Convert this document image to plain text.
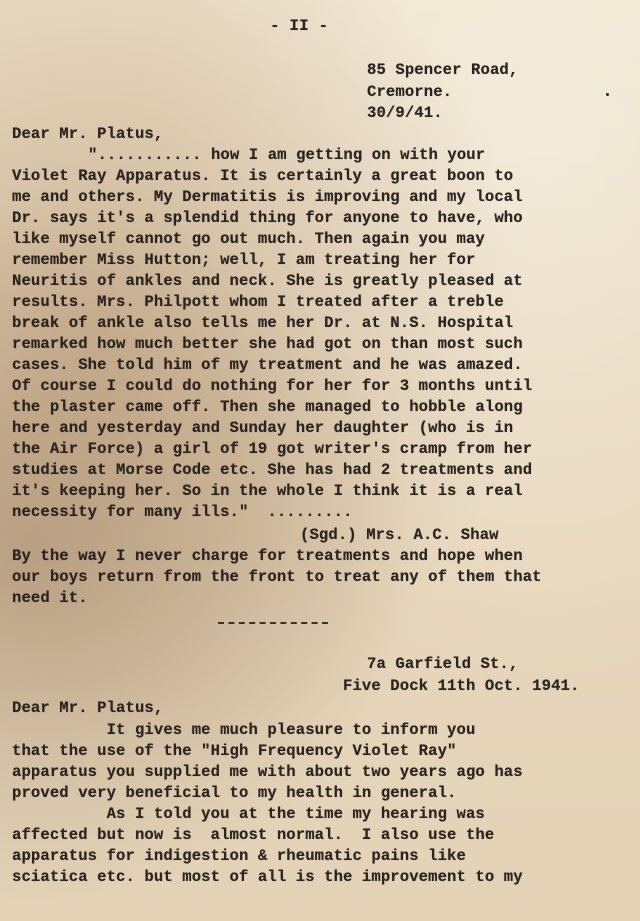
- II -
85 Spencer Road,
Cremorne.
30/9/41.
Dear Mr. Platus,
"........... how I am getting on with your
Violet Ray Apparatus. It is certainly a great boon to
me and others. My Dermatitis is improving and my local
Dr. says it's a splendid thing for anyone to have, who
like myself cannot go out much. Then again you may
remember Miss Hutton; well, I am treating her for
Neuritis of ankles and neck. She is greatly pleased at
results. Mrs. Philpott whom I treated after a treble
break of ankle also tells me her Dr. at N.S. Hospital
remarked how much better she had got on than most such
cases. She told him of my treatment and he was amazed.
Of course I could do nothing for her for 3 months until
the plaster came off. Then she managed to hobble along
here and yesterday and Sunday her daughter (who is in
the Air Force) a girl of 19 got writer's cramp from her
studies at Morse Code etc. She has had 2 treatments and
it's keeping her. So in the whole I think it is a real
necessity for many ills."  .........
(Sgd.) Mrs. A.C. Shaw
By the way I never charge for treatments and hope when
our boys return from the front to treat any of them that
need it.
7a Garfield St.,
Five Dock 11th Oct. 1941.
Dear Mr. Platus,
It gives me much pleasure to inform you
that the use of the "High Frequency Violet Ray"
apparatus you supplied me with about two years ago has
proved very beneficial to my health in general.
As I told you at the time my hearing was
affected but now is  almost normal.  I also use the
apparatus for indigestion & rheumatic pains like
sciatica etc. but most of all is the improvement to my
